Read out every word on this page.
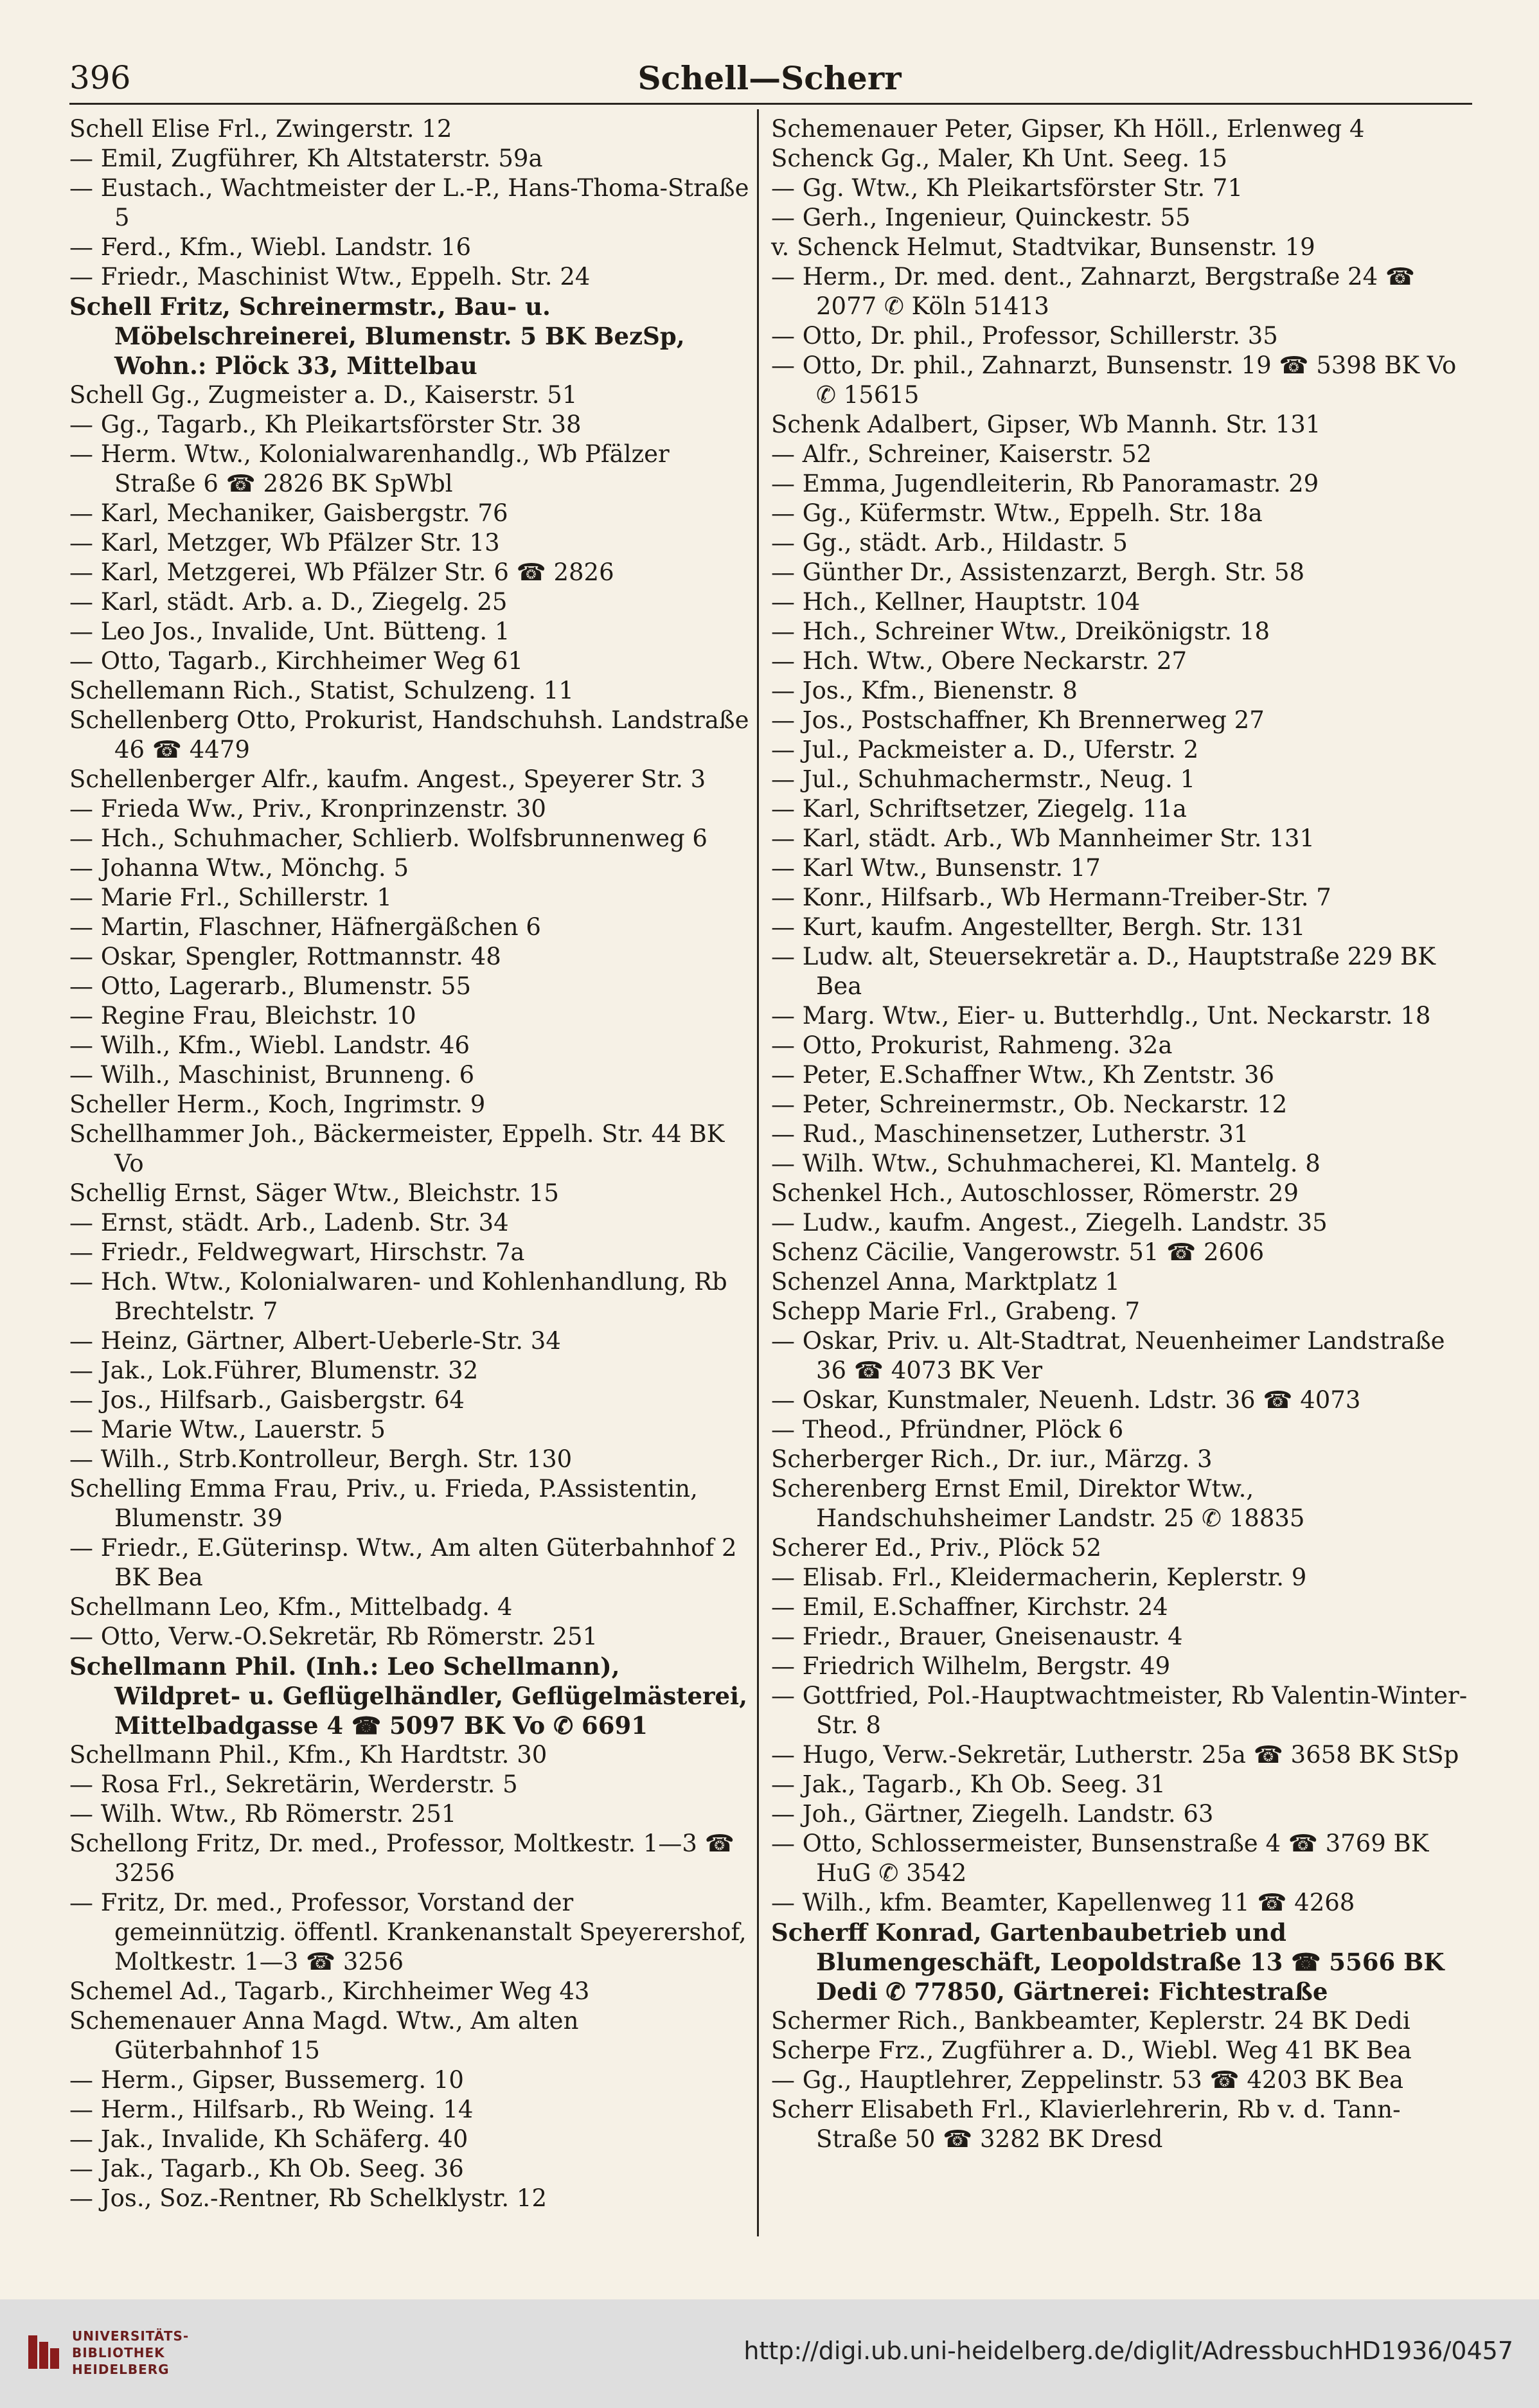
396	Schell—Scherr

Schell Elise Frl., Zwingerstr. 12

— Emil, Zugführer, Kh Altstaterstr. 59a

— Eustach., Wachtmeister der L.-P., Hans-Thoma-Straße 5

— Ferd., Kfm., Wiebl. Landstr. 16

— Friedr., Maschinist Wtw., Eppelh. Str. 24

Schell Fritz, Schreinermstr., Bau- u. Möbelschreinerei, Blumenstr. 5 BK BezSp, Wohn.: Plöck 33, Mittelbau

Schell Gg., Zugmeister a. D., Kaiserstr. 51

— Gg., Tagarb., Kh Pleikartsförster Str. 38

— Herm. Wtw., Kolonialwarenhandlg., Wb Pfälzer Straße 6 ☎ 2826 BK SpWbl

— Karl, Mechaniker, Gaisbergstr. 76

— Karl, Metzger, Wb Pfälzer Str. 13

— Karl, Metzgerei, Wb Pfälzer Str. 6 ☎ 2826

— Karl, städt. Arb. a. D., Ziegelg. 25

— Leo Jos., Invalide, Unt. Bütteng. 1

— Otto, Tagarb., Kirchheimer Weg 61

Schellemann Rich., Statist, Schulzeng. 11

Schellenberg Otto, Prokurist, Handschuhsh. Landstraße 46 ☎ 4479

Schellenberger Alfr., kaufm. Angest., Speyerer Str. 3

— Frieda Ww., Priv., Kronprinzenstr. 30

— Hch., Schuhmacher, Schlierb. Wolfsbrunnenweg 6

— Johanna Wtw., Mönchg. 5

— Marie Frl., Schillerstr. 1

— Martin, Flaschner, Häfnergäßchen 6

— Oskar, Spengler, Rottmannstr. 48

— Otto, Lagerarb., Blumenstr. 55

— Regine Frau, Bleichstr. 10

— Wilh., Kfm., Wiebl. Landstr. 46

— Wilh., Maschinist, Brunneng. 6

Scheller Herm., Koch, Ingrimstr. 9

Schellhammer Joh., Bäckermeister, Eppelh. Str. 44 BK Vo

Schellig Ernst, Säger Wtw., Bleichstr. 15

— Ernst, städt. Arb., Ladenb. Str. 34

— Friedr., Feldwegwart, Hirschstr. 7a

— Hch. Wtw., Kolonialwaren- und Kohlenhandlung, Rb Brechtelstr. 7

— Heinz, Gärtner, Albert-Ueberle-Str. 34

— Jak., Lok.Führer, Blumenstr. 32

— Jos., Hilfsarb., Gaisbergstr. 64

— Marie Wtw., Lauerstr. 5

— Wilh., Strb.Kontrolleur, Bergh. Str. 130

Schelling Emma Frau, Priv., u. Frieda, P.Assistentin, Blumenstr. 39

— Friedr., E.Güterinsp. Wtw., Am alten Güterbahnhof 2 BK Bea

Schellmann Leo, Kfm., Mittelbadg. 4

— Otto, Verw.-O.Sekretär, Rb Römerstr. 251

Schellmann Phil. (Inh.: Leo Schellmann), Wildpret- u. Geflügelhändler, Geflügelmästerei, Mittelbadgasse 4 ☎ 5097 BK Vo ✆ 6691

Schellmann Phil., Kfm., Kh Hardtstr. 30

— Rosa Frl., Sekretärin, Werderstr. 5

— Wilh. Wtw., Rb Römerstr. 251

Schellong Fritz, Dr. med., Professor, Moltkestr. 1—3 ☎ 3256

— Fritz, Dr. med., Professor, Vorstand der gemeinnützig. öffentl. Krankenanstalt Speyerershof, Moltkestr. 1—3 ☎ 3256

Schemel Ad., Tagarb., Kirchheimer Weg 43

Schemenauer Anna Magd. Wtw., Am alten Güterbahnhof 15

— Herm., Gipser, Bussemerg. 10

— Herm., Hilfsarb., Rb Weing. 14

— Jak., Invalide, Kh Schäferg. 40

— Jak., Tagarb., Kh Ob. Seeg. 36

— Jos., Soz.-Rentner, Rb Schelklystr. 12

Schemenauer Peter, Gipser, Kh Höll., Erlenweg 4

Schenck Gg., Maler, Kh Unt. Seeg. 15

— Gg. Wtw., Kh Pleikartsförster Str. 71

— Gerh., Ingenieur, Quinckestr. 55

v. Schenck Helmut, Stadtvikar, Bunsenstr. 19

— Herm., Dr. med. dent., Zahnarzt, Bergstraße 24 ☎ 2077 ✆ Köln 51413

— Otto, Dr. phil., Professor, Schillerstr. 35

— Otto, Dr. phil., Zahnarzt, Bunsenstr. 19 ☎ 5398 BK Vo ✆ 15615

Schenk Adalbert, Gipser, Wb Mannh. Str. 131

— Alfr., Schreiner, Kaiserstr. 52

— Emma, Jugendleiterin, Rb Panoramastr. 29

— Gg., Küfermstr. Wtw., Eppelh. Str. 18a

— Gg., städt. Arb., Hildastr. 5

— Günther Dr., Assistenzarzt, Bergh. Str. 58

— Hch., Kellner, Hauptstr. 104

— Hch., Schreiner Wtw., Dreikönigstr. 18

— Hch. Wtw., Obere Neckarstr. 27

— Jos., Kfm., Bienenstr. 8

— Jos., Postschaffner, Kh Brennerweg 27

— Jul., Packmeister a. D., Uferstr. 2

— Jul., Schuhmachermstr., Neug. 1

— Karl, Schriftsetzer, Ziegelg. 11a

— Karl, städt. Arb., Wb Mannheimer Str. 131

— Karl Wtw., Bunsenstr. 17

— Konr., Hilfsarb., Wb Hermann-Treiber-Str. 7

— Kurt, kaufm. Angestellter, Bergh. Str. 131

— Ludw. alt, Steuersekretär a. D., Hauptstraße 229 BK Bea

— Marg. Wtw., Eier- u. Butterhdlg., Unt. Neckarstr. 18

— Otto, Prokurist, Rahmeng. 32a

— Peter, E.Schaffner Wtw., Kh Zentstr. 36

— Peter, Schreinermstr., Ob. Neckarstr. 12

— Rud., Maschinensetzer, Lutherstr. 31

— Wilh. Wtw., Schuhmacherei, Kl. Mantelg. 8

Schenkel Hch., Autoschlosser, Römerstr. 29

— Ludw., kaufm. Angest., Ziegelh. Landstr. 35

Schenz Cäcilie, Vangerowstr. 51 ☎ 2606

Schenzel Anna, Marktplatz 1

Schepp Marie Frl., Grabeng. 7

— Oskar, Priv. u. Alt-Stadtrat, Neuenheimer Landstraße 36 ☎ 4073 BK Ver

— Oskar, Kunstmaler, Neuenh. Ldstr. 36 ☎ 4073

— Theod., Pfründner, Plöck 6

Scherberger Rich., Dr. iur., Märzg. 3

Scherenberg Ernst Emil, Direktor Wtw., Handschuhsheimer Landstr. 25 ✆ 18835

Scherer Ed., Priv., Plöck 52

— Elisab. Frl., Kleidermacherin, Keplerstr. 9

— Emil, E.Schaffner, Kirchstr. 24

— Friedr., Brauer, Gneisenaustr. 4

— Friedrich Wilhelm, Bergstr. 49

— Gottfried, Pol.-Hauptwachtmeister, Rb Valentin-Winter-Str. 8

— Hugo, Verw.-Sekretär, Lutherstr. 25a ☎ 3658 BK StSp

— Jak., Tagarb., Kh Ob. Seeg. 31

— Joh., Gärtner, Ziegelh. Landstr. 63

— Otto, Schlossermeister, Bunsenstraße 4 ☎ 3769 BK HuG ✆ 3542

— Wilh., kfm. Beamter, Kapellenweg 11 ☎ 4268

Scherff Konrad, Gartenbaubetrieb und Blumengeschäft, Leopoldstraße 13 ☎ 5566 BK Dedi ✆ 77850, Gärtnerei: Fichtestraße

Schermer Rich., Bankbeamter, Keplerstr. 24 BK Dedi

Scherpe Frz., Zugführer a. D., Wiebl. Weg 41 BK Bea

— Gg., Hauptlehrer, Zeppelinstr. 53 ☎ 4203 BK Bea

Scherr Elisabeth Frl., Klavierlehrerin, Rb v. d. Tann-Straße 50 ☎ 3282 BK Dresd

UNIVERSITÄTS-
BIBLIOTHEK
HEIDELBERG
http://digi.ub.uni-heidelberg.de/diglit/AdressbuchHD1936/0457
